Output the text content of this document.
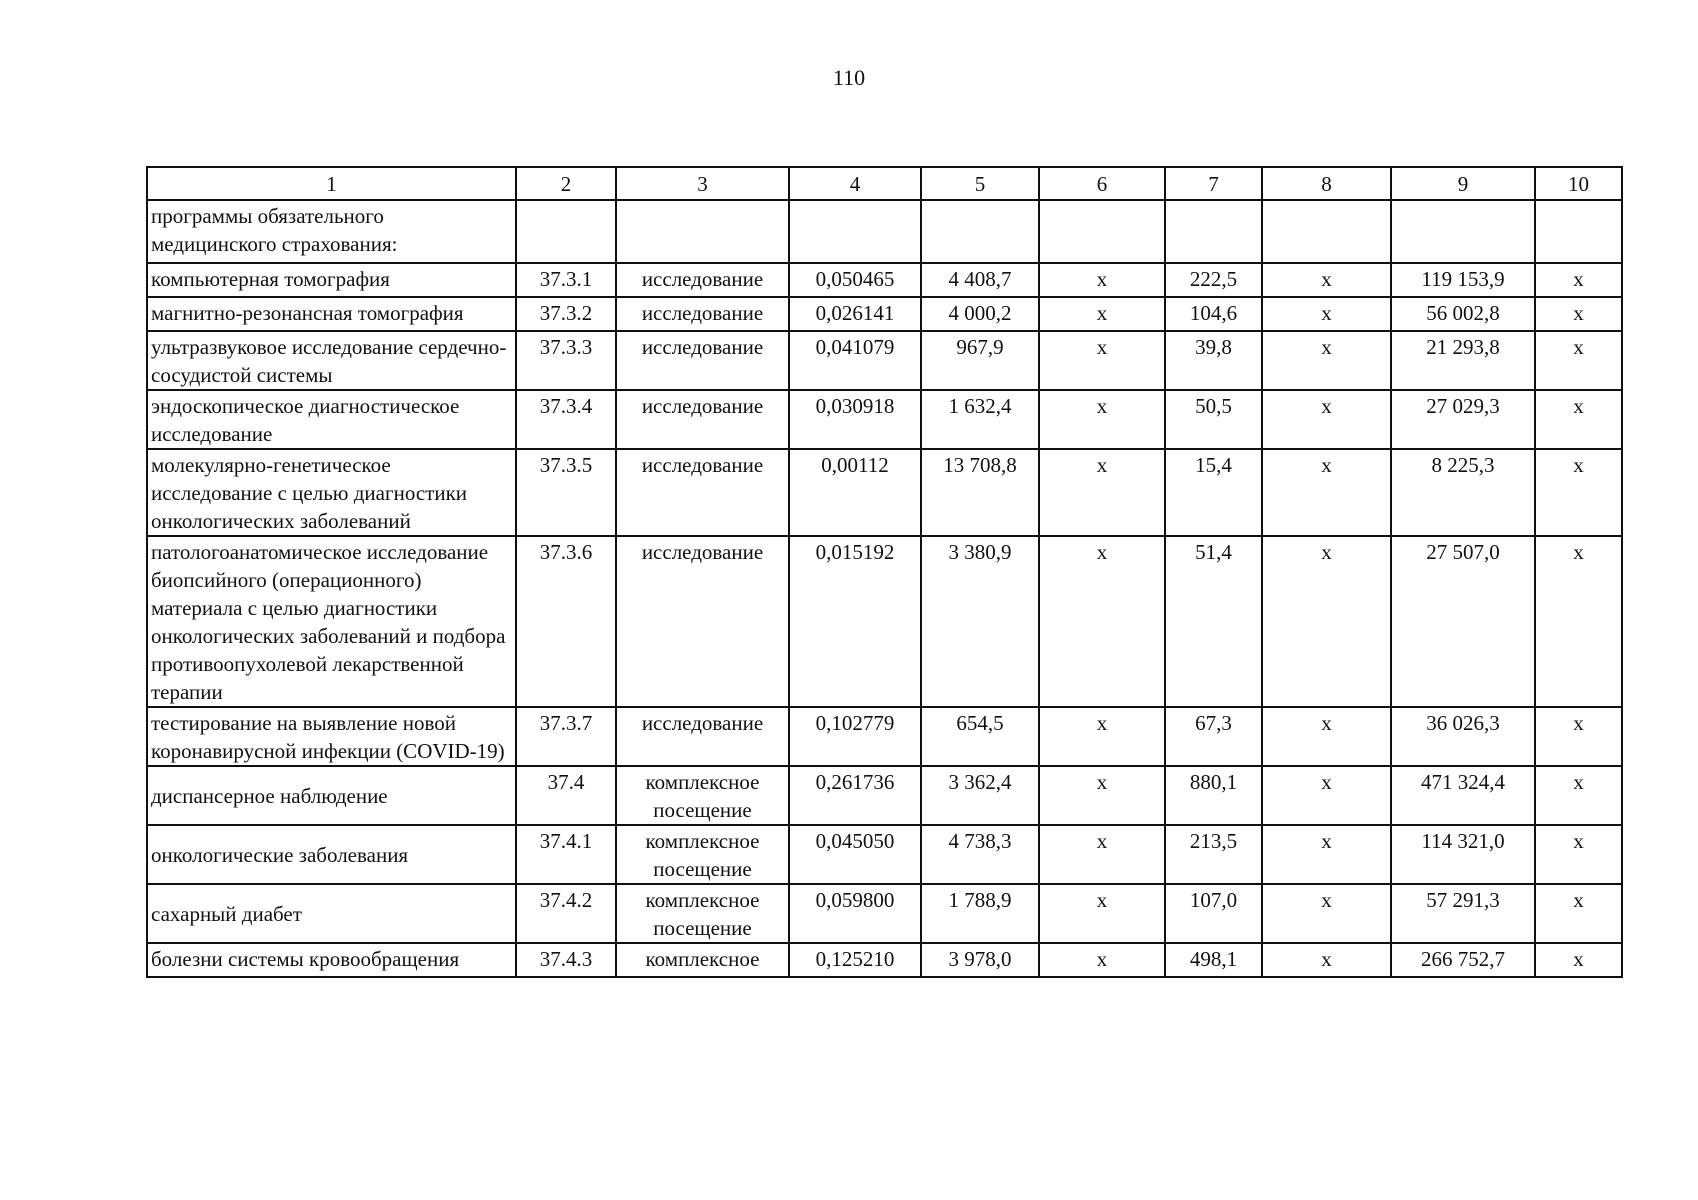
110
1	2	3	4	5	6	7	8	9	10
программы обязательного медицинского страхования:									
компьютерная томография	37.3.1	исследование	0,050465	4 408,7	х	222,5	х	119 153,9	х
магнитно-резонансная томография	37.3.2	исследование	0,026141	4 000,2	х	104,6	х	56 002,8	х
ультразвуковое исследование сердечно-сосудистой системы	37.3.3	исследование	0,041079	967,9	х	39,8	х	21 293,8	х
эндоскопическое диагностическое исследование	37.3.4	исследование	0,030918	1 632,4	х	50,5	х	27 029,3	х
молекулярно-генетическое исследование с целью диагностики онкологических заболеваний	37.3.5	исследование	0,00112	13 708,8	х	15,4	х	8 225,3	х
патологоанатомическое исследование биопсийного (операционного) материала с целью диагностики онкологических заболеваний и подбора противоопухолевой лекарственной терапии	37.3.6	исследование	0,015192	3 380,9	х	51,4	х	27 507,0	х
тестирование на выявление новой коронавирусной инфекции (COVID-19)	37.3.7	исследование	0,102779	654,5	х	67,3	х	36 026,3	х
диспансерное наблюдение	37.4	комплексное посещение	0,261736	3 362,4	х	880,1	х	471 324,4	х
онкологические заболевания	37.4.1	комплексное посещение	0,045050	4 738,3	х	213,5	х	114 321,0	х
сахарный диабет	37.4.2	комплексное посещение	0,059800	1 788,9	х	107,0	х	57 291,3	х
болезни системы кровообращения	37.4.3	комплексное	0,125210	3 978,0	х	498,1	х	266 752,7	х
